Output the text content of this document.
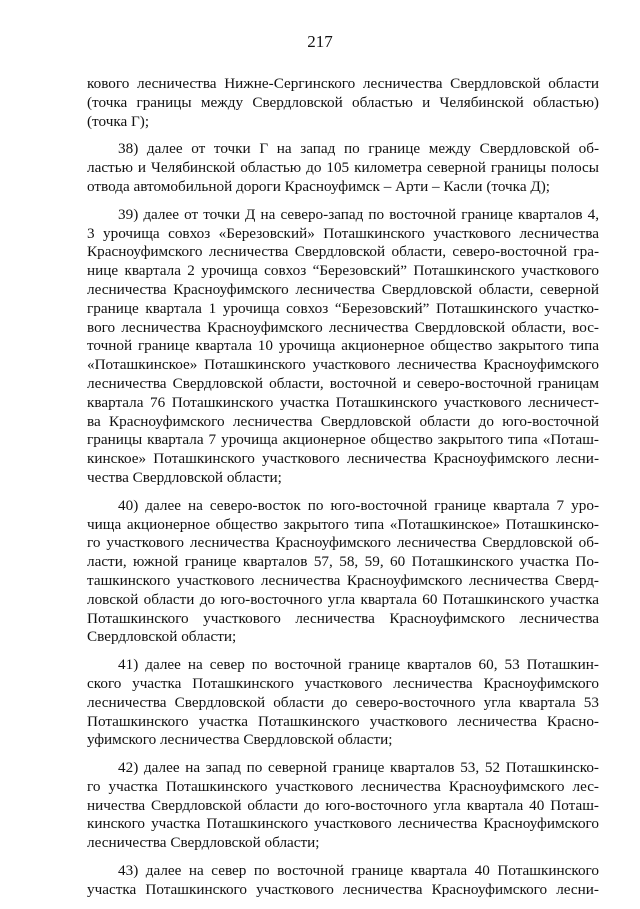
217
кового лесничества Нижне-Сергинского лесничества Свердловской области
(точка границы между Свердловской областью и Челябинской областью)
(точка Г);
38) далее от точки Г на запад по границе между Свердловской об-
ластью и Челябинской областью до 105 километра северной границы полосы
отвода автомобильной дороги Красноуфимск – Арти – Касли (точка Д);
39) далее от точки Д на северо-запад по восточной границе кварталов 4,
3 урочища совхоз «Березовский» Поташкинского участкового лесничества
Красноуфимского лесничества Свердловской области, северо-восточной гра-
нице квартала 2 урочища совхоз “Березовский” Поташкинского участкового
лесничества Красноуфимского лесничества Свердловской области, северной
границе квартала 1 урочища совхоз “Березовский” Поташкинского участко-
вого лесничества Красноуфимского лесничества Свердловской области, вос-
точной границе квартала 10 урочища акционерное общество закрытого типа
«Поташкинское» Поташкинского участкового лесничества Красноуфимского
лесничества Свердловской области, восточной и северо-восточной границам
квартала 76 Поташкинского участка Поташкинского участкового лесничест-
ва Красноуфимского лесничества Свердловской области до юго-восточной
границы квартала 7 урочища акционерное общество закрытого типа «Поташ-
кинское» Поташкинского участкового лесничества Красноуфимского лесни-
чества Свердловской области;
40) далее на северо-восток по юго-восточной границе квартала 7 уро-
чища акционерное общество закрытого типа «Поташкинское» Поташкинско-
го участкового лесничества Красноуфимского лесничества Свердловской об-
ласти, южной границе кварталов 57, 58, 59, 60 Поташкинского участка По-
ташкинского участкового лесничества Красноуфимского лесничества Сверд-
ловской области до юго-восточного угла квартала 60 Поташкинского участка
Поташкинского участкового лесничества Красноуфимского лесничества
Свердловской области;
41) далее на север по восточной границе кварталов 60, 53 Поташкин-
ского участка Поташкинского участкового лесничества Красноуфимского
лесничества Свердловской области до северо-восточного угла квартала 53
Поташкинского участка Поташкинского участкового лесничества Красно-
уфимского лесничества Свердловской области;
42) далее на запад по северной границе кварталов 53, 52 Поташкинско-
го участка Поташкинского участкового лесничества Красноуфимского лес-
ничества Свердловской области до юго-восточного угла квартала 40 Поташ-
кинского участка Поташкинского участкового лесничества Красноуфимского
лесничества Свердловской области;
43) далее на север по восточной границе квартала 40 Поташкинского
участка Поташкинского участкового лесничества Красноуфимского лесни-
